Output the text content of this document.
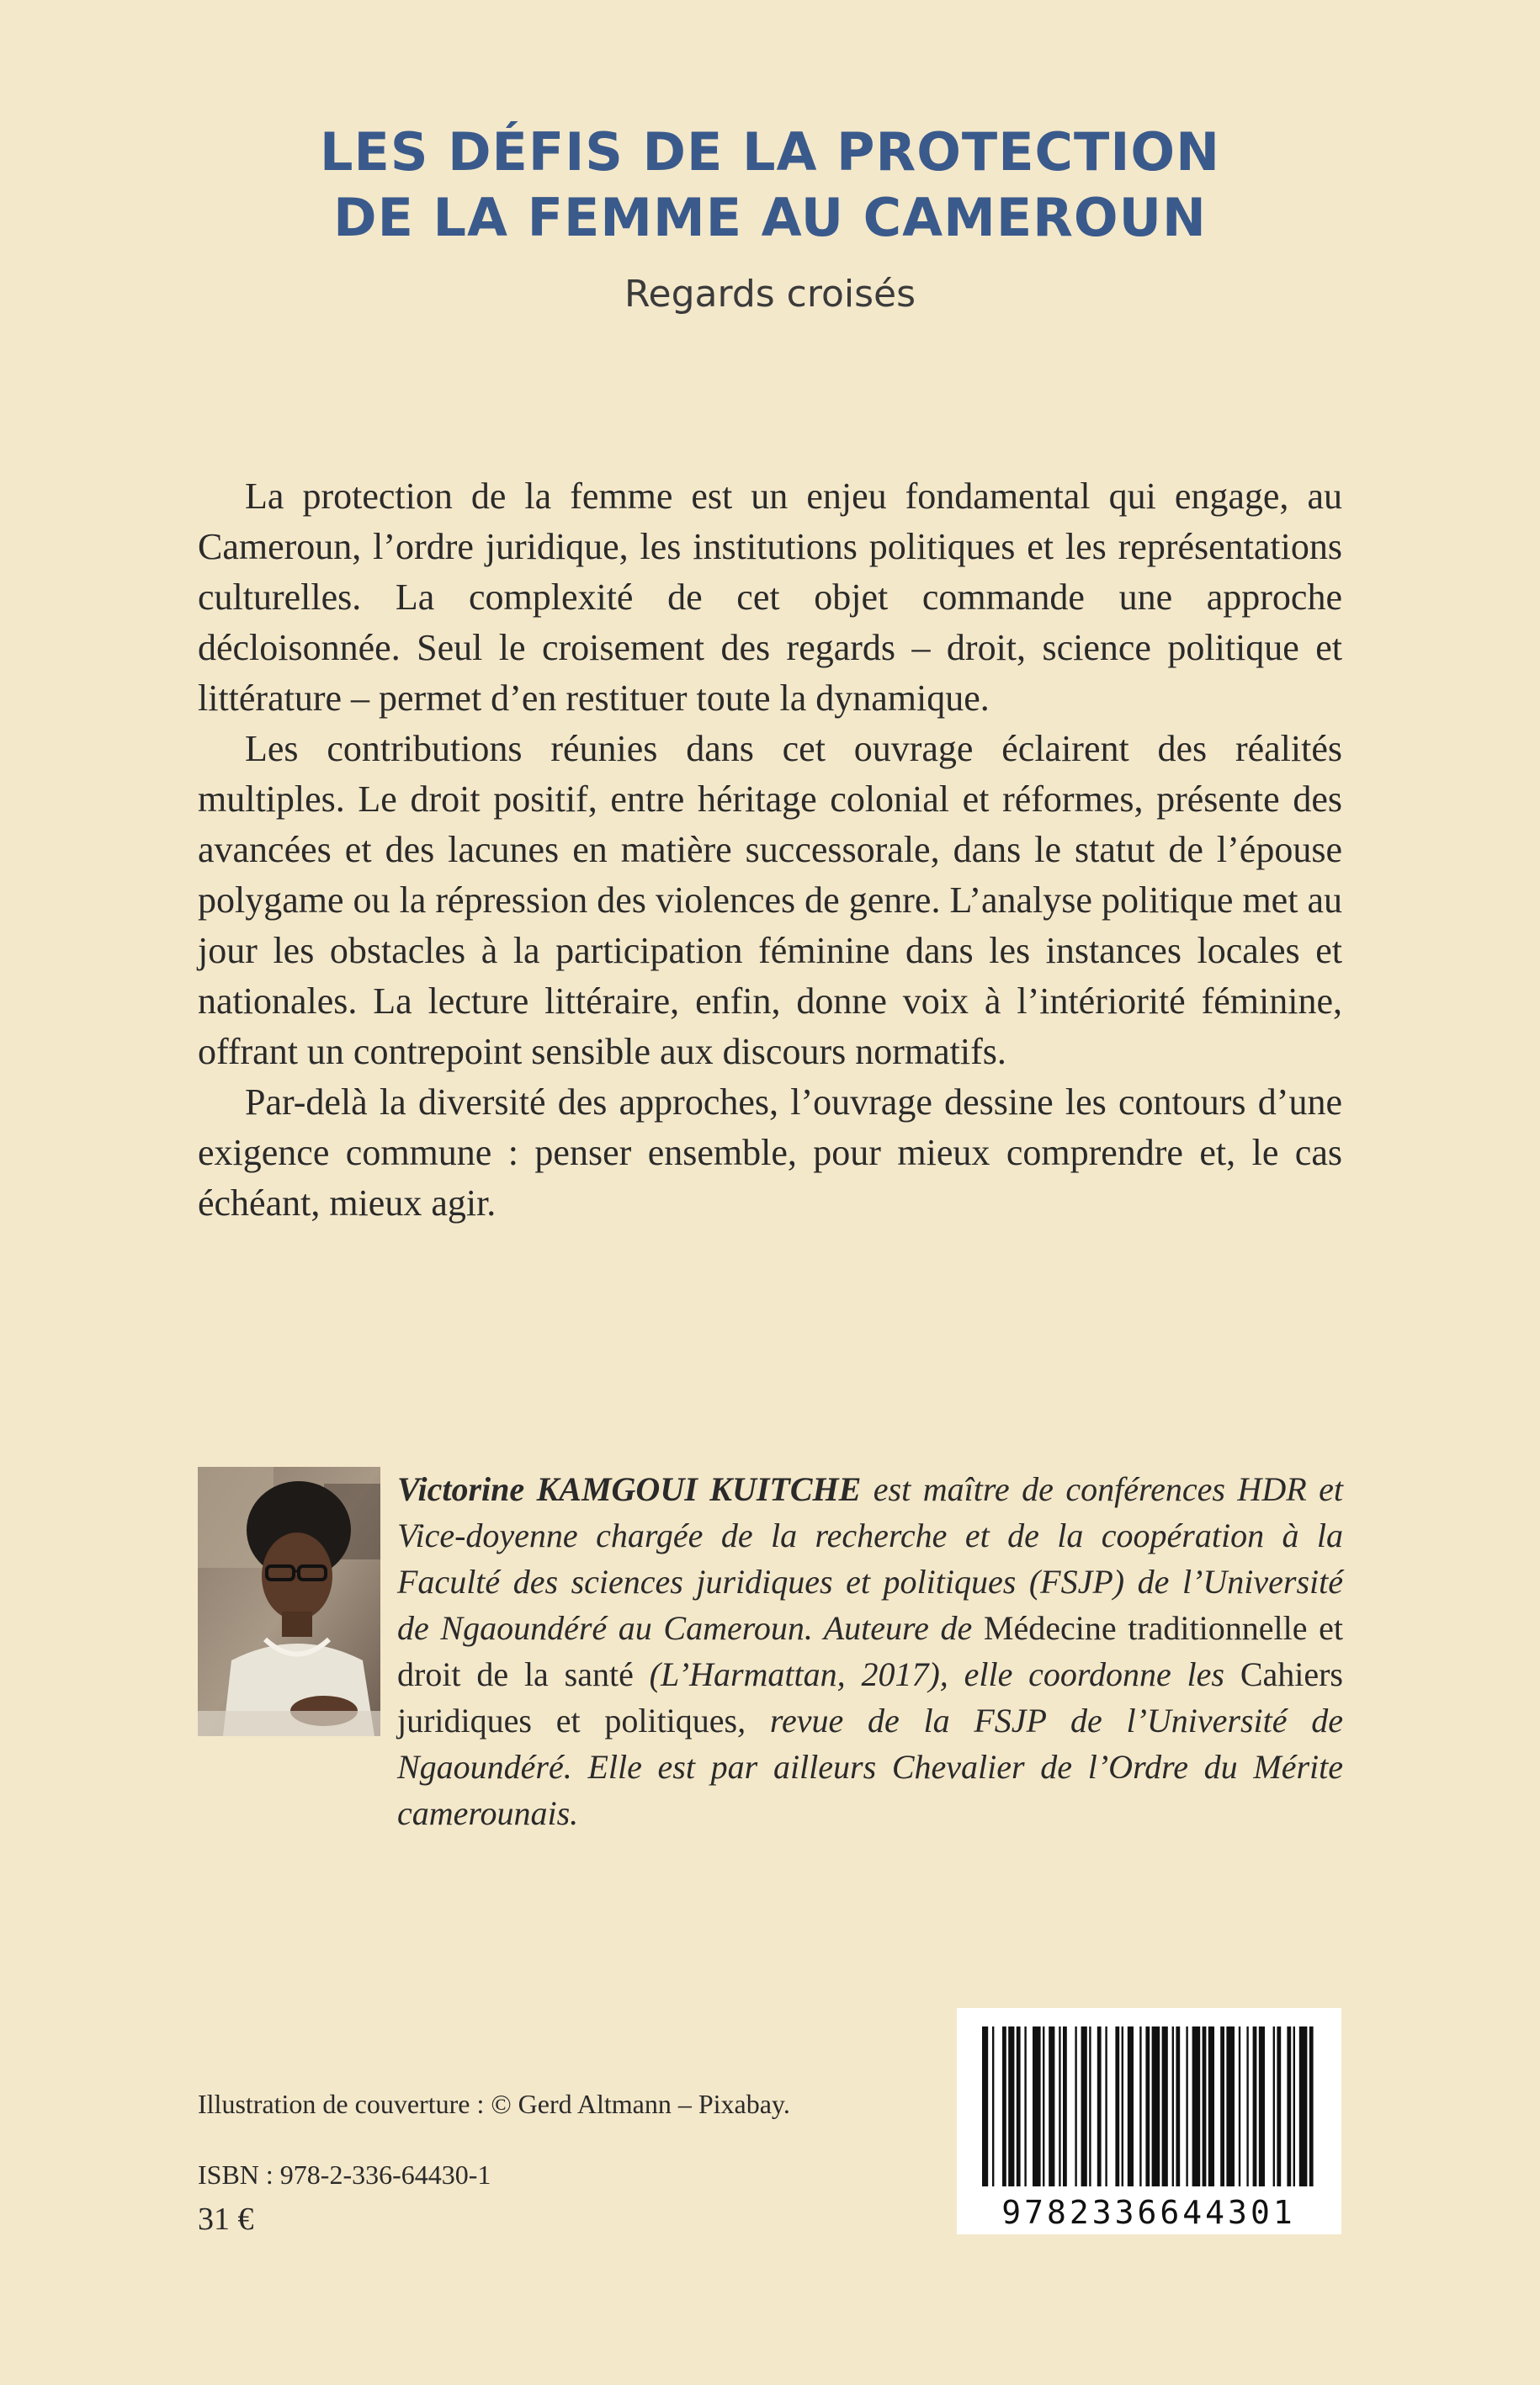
LES DÉFIS DE LA PROTECTION
DE LA FEMME AU CAMEROUN
Regards croisés

La protection de la femme est un enjeu fondamental qui engage, au Cameroun, l’ordre juridique, les institutions politiques et les représentations culturelles. La complexité de cet objet commande une approche décloisonnée. Seul le croisement des regards – droit, science politique et littérature – permet d’en restituer toute la dynamique.

Les contributions réunies dans cet ouvrage éclairent des réalités multiples. Le droit positif, entre héritage colonial et réformes, présente des avancées et des lacunes en matière successorale, dans le statut de l’épouse polygame ou la répression des violences de genre. L’analyse politique met au jour les obstacles à la participation féminine dans les instances locales et nationales. La lecture littéraire, enfin, donne voix à l’intériorité féminine, offrant un contrepoint sensible aux discours normatifs.

Par-delà la diversité des approches, l’ouvrage dessine les contours d’une exigence commune : penser ensemble, pour mieux comprendre et, le cas échéant, mieux agir.

Victorine KAMGOUI KUITCHE est maître de conférences HDR et Vice-doyenne chargée de la recherche et de la coopération à la Faculté des sciences juridiques et politiques (FSJP) de l’Université de Ngaoundéré au Cameroun. Auteure de Médecine traditionnelle et droit de la santé (L’Harmattan, 2017), elle coordonne les Cahiers juridiques et politiques, revue de la FSJP de l’Université de Ngaoundéré. Elle est par ailleurs Chevalier de l’Ordre du Mérite camerounais.
Illustration de couverture : © Gerd Altmann – Pixabay.
ISBN : 978-2-336-64430-1
31 €	9782336644301
